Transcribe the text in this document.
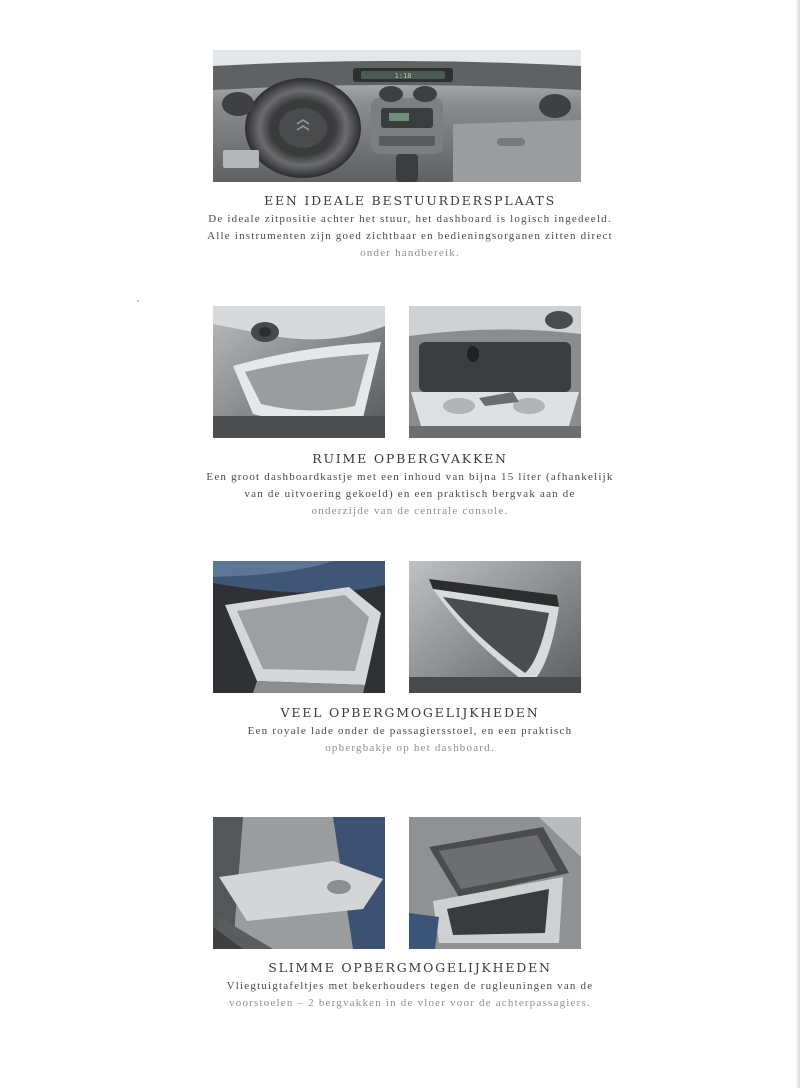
1:18
EEN IDEALE BESTUURDERSPLAATS

De ideale zitpositie achter het stuur, het dashboard is logisch ingedeeld.

Alle instrumenten zijn goed zichtbaar en bedieningsorganen zitten direct

onder handbereik.

RUIME OPBERGVAKKEN

Een groot dashboardkastje met een inhoud van bijna 15 liter (afhankelijk

van de uitvoering gekoeld) en een praktisch bergvak aan de

onderzijde van de centrale console.

VEEL OPBERGMOGELIJKHEDEN

Een royale lade onder de passagiersstoel, en een praktisch

opbergbakje op het dashboard.

SLIMME OPBERGMOGELIJKHEDEN

Vliegtuigtafeltjes met bekerhouders tegen de rugleuningen van de

voorstoelen – 2 bergvakken in de vloer voor de achterpassagiers.
